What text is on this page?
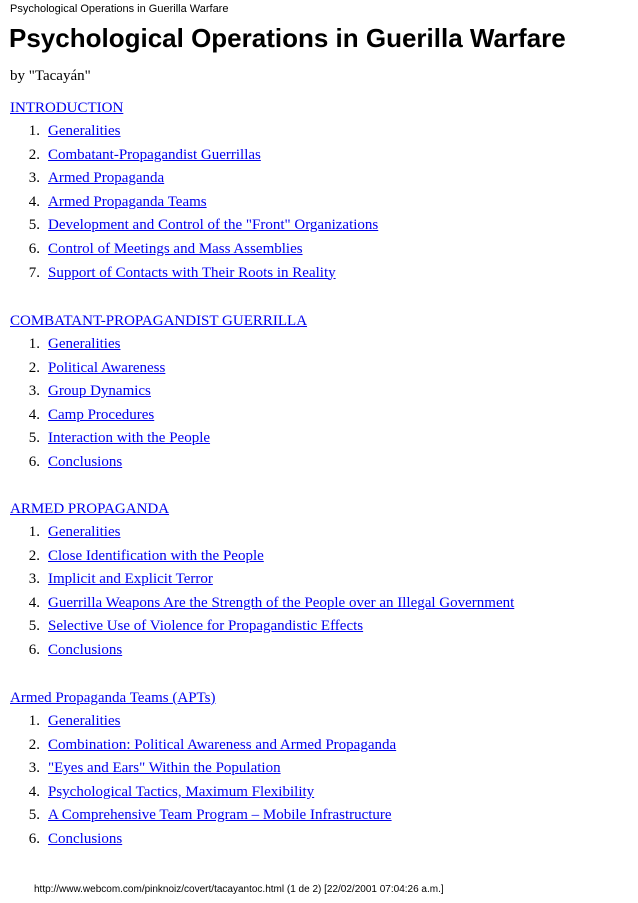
Psychological Operations in Guerilla Warfare
Psychological Operations in Guerilla Warfare
by "Tacayán"
INTRODUCTION
1. Generalities
2. Combatant-Propagandist Guerrillas
3. Armed Propaganda
4. Armed Propaganda Teams
5. Development and Control of the "Front" Organizations
6. Control of Meetings and Mass Assemblies
7. Support of Contacts with Their Roots in Reality
COMBATANT-PROPAGANDIST GUERRILLA
1. Generalities
2. Political Awareness
3. Group Dynamics
4. Camp Procedures
5. Interaction with the People
6. Conclusions
ARMED PROPAGANDA
1. Generalities
2. Close Identification with the People
3. Implicit and Explicit Terror
4. Guerrilla Weapons Are the Strength of the People over an Illegal Government
5. Selective Use of Violence for Propagandistic Effects
6. Conclusions
Armed Propaganda Teams (APTs)
1. Generalities
2. Combination: Political Awareness and Armed Propaganda
3. "Eyes and Ears" Within the Population
4. Psychological Tactics, Maximum Flexibility
5. A Comprehensive Team Program – Mobile Infrastructure
6. Conclusions
http://www.webcom.com/pinknoiz/covert/tacayantoc.html (1 de 2) [22/02/2001 07:04:26 a.m.]
